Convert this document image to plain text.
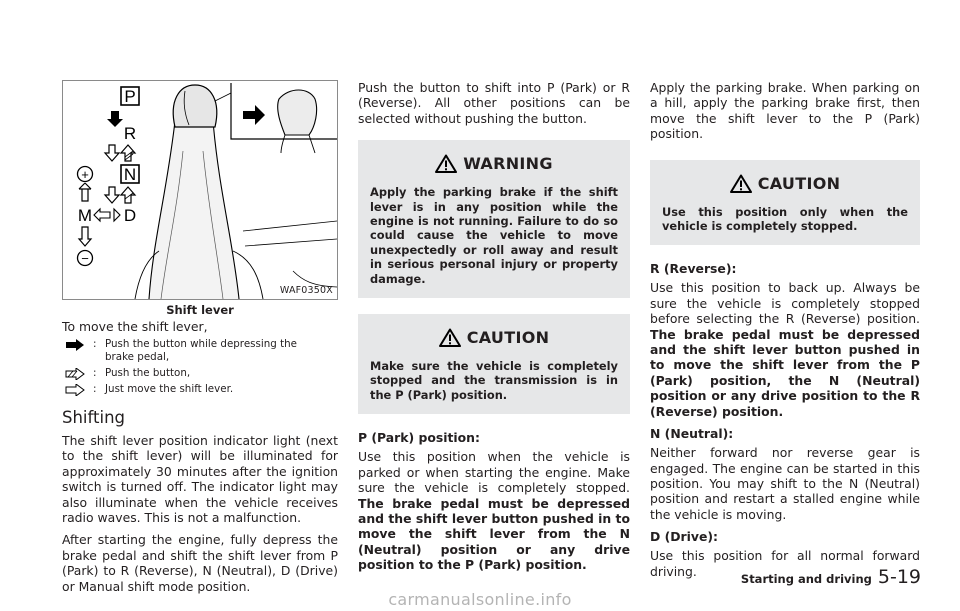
P
R
N
D
M
+
−
WAF0350X
Shift lever

To move the shift lever,

: Push the button while depressing the brake pedal,
: Push the button,
: Just move the shift lever.
Shifting

The shift lever position indicator light (next to the shift lever) will be illuminated for approximately 30 minutes after the ignition switch is turned off. The indicator light may also illuminate when the vehicle receives radio waves. This is not a malfunction.

After starting the engine, fully depress the brake pedal and shift the shift lever from P (Park) to R (Reverse), N (Neutral), D (Drive) or Manual shift mode position.

Push the button to shift into P (Park) or R (Reverse). All other positions can be selected without pushing the button.

WARNING
Apply the parking brake if the shift lever is in any position while the engine is not running. Failure to do so could cause the vehicle to move unexpectedly or roll away and result in serious personal injury or property damage.
CAUTION
Make sure the vehicle is completely stopped and the transmission is in the P (Park) position.

P (Park) position:

Use this position when the vehicle is parked or when starting the engine. Make sure the vehicle is completely stopped. The brake pedal must be depressed and the shift lever button pushed in to move the shift lever from the N (Neutral) position or any drive position to the P (Park) position.

Apply the parking brake. When parking on a hill, apply the parking brake first, then move the shift lever to the P (Park) position.

CAUTION
Use this position only when the vehicle is completely stopped.

R (Reverse):

Use this position to back up. Always be sure the vehicle is completely stopped before selecting the R (Reverse) position. The brake pedal must be depressed and the shift lever button pushed in to move the shift lever from the P (Park) position, the N (Neutral) position or any drive position to the R (Reverse) position.

N (Neutral):

Neither forward nor reverse gear is engaged. The engine can be started in this position. You may shift to the N (Neutral) position and restart a stalled engine while the vehicle is moving.

D (Drive):

Use this position for all normal forward driving.

Starting and driving 5-19
carmanualsonline.info
